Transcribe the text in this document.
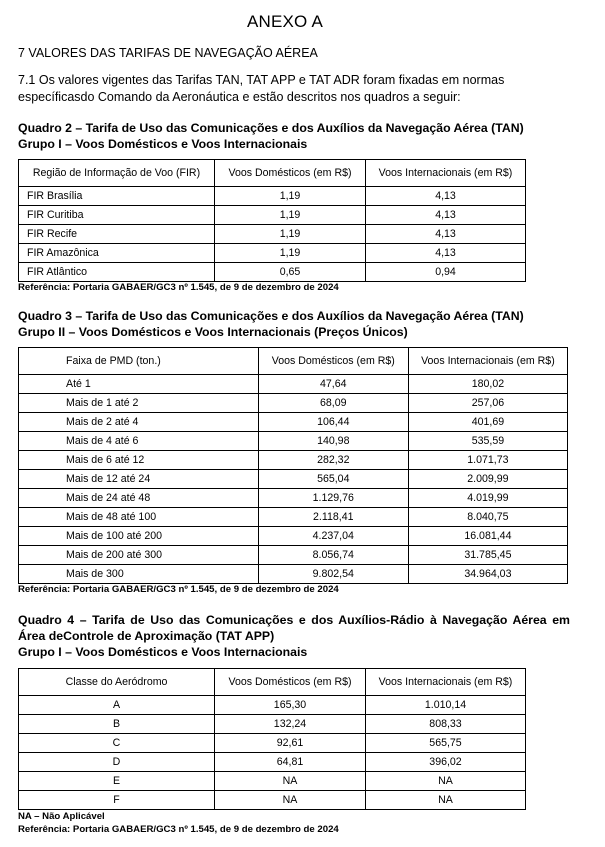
ANEXO A
7 VALORES DAS TARIFAS DE NAVEGAÇÃO AÉREA
7.1 Os valores vigentes das Tarifas TAN, TAT APP e TAT ADR foram fixadas em normas específicasdo Comando da Aeronáutica e estão descritos nos quadros a seguir:
Quadro 2 – Tarifa de Uso das Comunicações e dos Auxílios da Navegação Aérea (TAN)
Grupo I – Voos Domésticos e Voos Internacionais
Região de Informação de Voo (FIR)	Voos Domésticos (em R$)	Voos Internacionais (em R$)
FIR Brasília	1,19	4,13
FIR Curitiba	1,19	4,13
FIR Recife	1,19	4,13
FIR Amazônica	1,19	4,13
FIR Atlântico	0,65	0,94
Referência: Portaria GABAER/GC3 nº 1.545, de 9 de dezembro de 2024
Quadro 3 – Tarifa de Uso das Comunicações e dos Auxílios da Navegação Aérea (TAN)
Grupo II – Voos Domésticos e Voos Internacionais (Preços Únicos)
Faixa de PMD (ton.)	Voos Domésticos (em R$)	Voos Internacionais (em R$)
Até 1	47,64	180,02
Mais de 1 até 2	68,09	257,06
Mais de 2 até 4	106,44	401,69
Mais de 4 até 6	140,98	535,59
Mais de 6 até 12	282,32	1.071,73
Mais de 12 até 24	565,04	2.009,99
Mais de 24 até 48	1.129,76	4.019,99
Mais de 48 até 100	2.118,41	8.040,75
Mais de 100 até 200	4.237,04	16.081,44
Mais de 200 até 300	8.056,74	31.785,45
Mais de 300	9.802,54	34.964,03
Referência: Portaria GABAER/GC3 nº 1.545, de 9 de dezembro de 2024
Quadro 4 – Tarifa de Uso das Comunicações e dos Auxílios-Rádio à Navegação Aérea em Área deControle de Aproximação (TAT APP)
Grupo I – Voos Domésticos e Voos Internacionais
Classe do Aeródromo	Voos Domésticos (em R$)	Voos Internacionais (em R$)
A	165,30	1.010,14
B	132,24	808,33
C	92,61	565,75
D	64,81	396,02
E	NA	NA
F	NA	NA
NA – Não Aplicável
Referência: Portaria GABAER/GC3 nº 1.545, de 9 de dezembro de 2024
